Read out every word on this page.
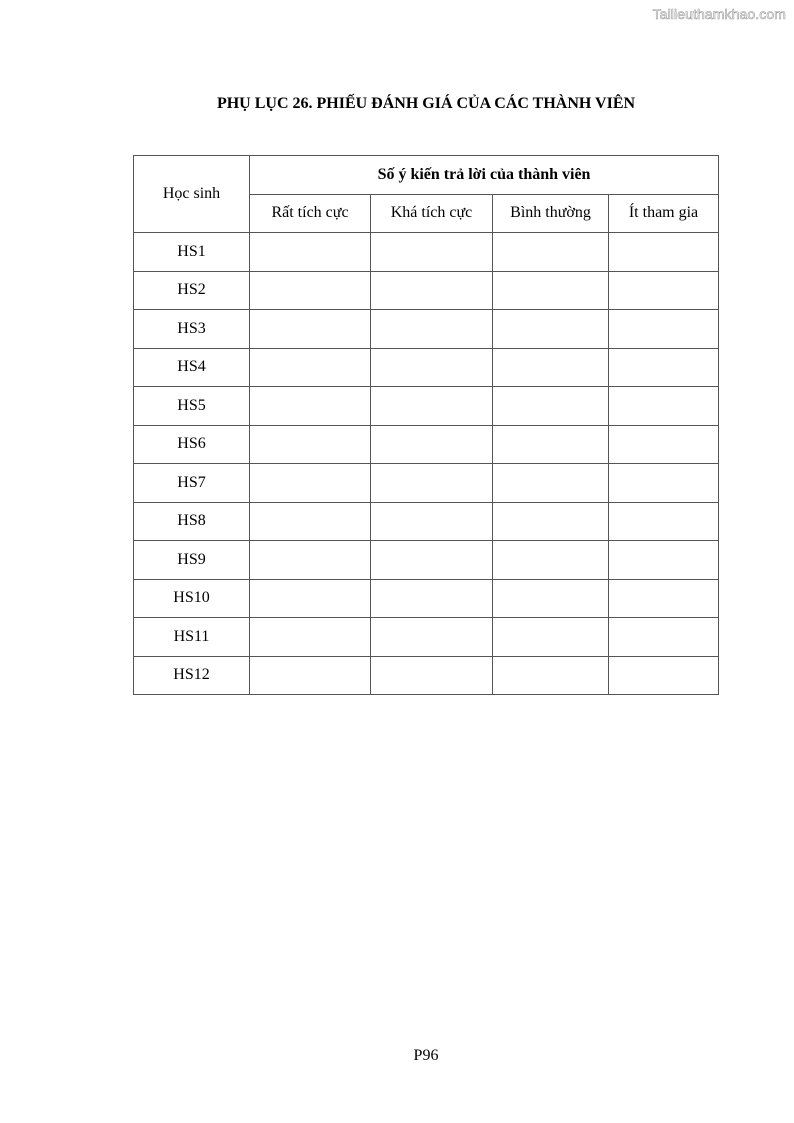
Tailieuthamkhao.com
PHỤ LỤC 26. PHIẾU ĐÁNH GIÁ CỦA CÁC THÀNH VIÊN
Học sinh	Số ý kiến trả lời của thành viên			
	Rất tích cực	Khá tích cực	Bình thường	Ít tham gia
HS1				
HS2				
HS3				
HS4				
HS5				
HS6				
HS7				
HS8				
HS9				
HS10				
HS11				
HS12				
P96
